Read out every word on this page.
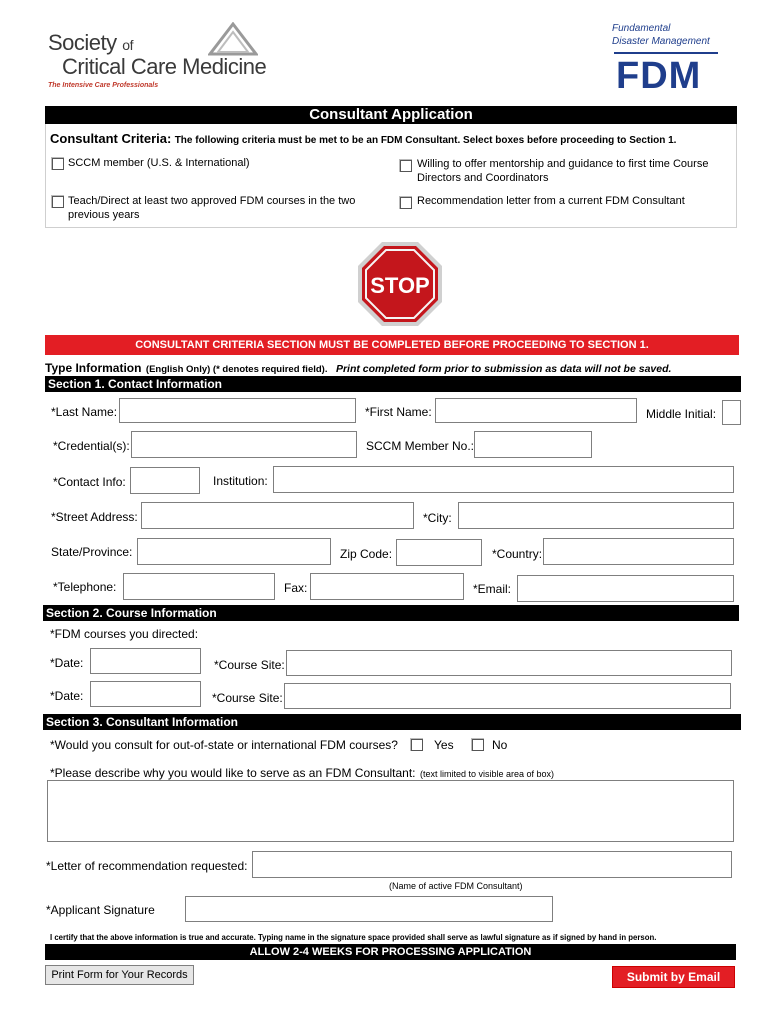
Society of
Critical Care Medicine
The Intensive Care Professionals
Fundamental
Disaster Management
FDM
Consultant Application
Consultant Criteria: The following criteria must be met to be an FDM Consultant. Select boxes before proceeding to Section 1.
SCCM member (U.S. & International)	Willing to offer mentorship and guidance to first time Course
Directors and Coordinators
Teach/Direct at least two approved FDM courses in the two
previous years
Recommendation letter from a current FDM Consultant
STOP
CONSULTANT CRITERIA SECTION MUST BE COMPLETED BEFORE PROCEEDING TO SECTION 1.
Type Information (English Only) (* denotes required field). Print completed form prior to submission as data will not be saved.
Section 1. Contact Information
*Last Name:	*First Name:	Middle Initial:
*Credential(s):	SCCM Member No.:
*Contact Info:	Institution:
*Street Address:	*City:
State/Province:	Zip Code:	*Country:
*Telephone:	Fax:	*Email:
Section 2. Course Information
*FDM courses you directed:
*Date:	*Course Site:
*Date:	*Course Site:
Section 3. Consultant Information
*Would you consult for out-of-state or international FDM courses?	Yes	No
*Please describe why you would like to serve as an FDM Consultant: (text limited to visible area of box)
*Letter of recommendation requested:
(Name of active FDM Consultant)
*Applicant Signature
I certify that the above information is true and accurate. Typing name in the signature space provided shall serve as lawful signature as if signed by hand in person.
ALLOW 2-4 WEEKS FOR PROCESSING APPLICATION
Print Form for Your Records	Submit by Email
